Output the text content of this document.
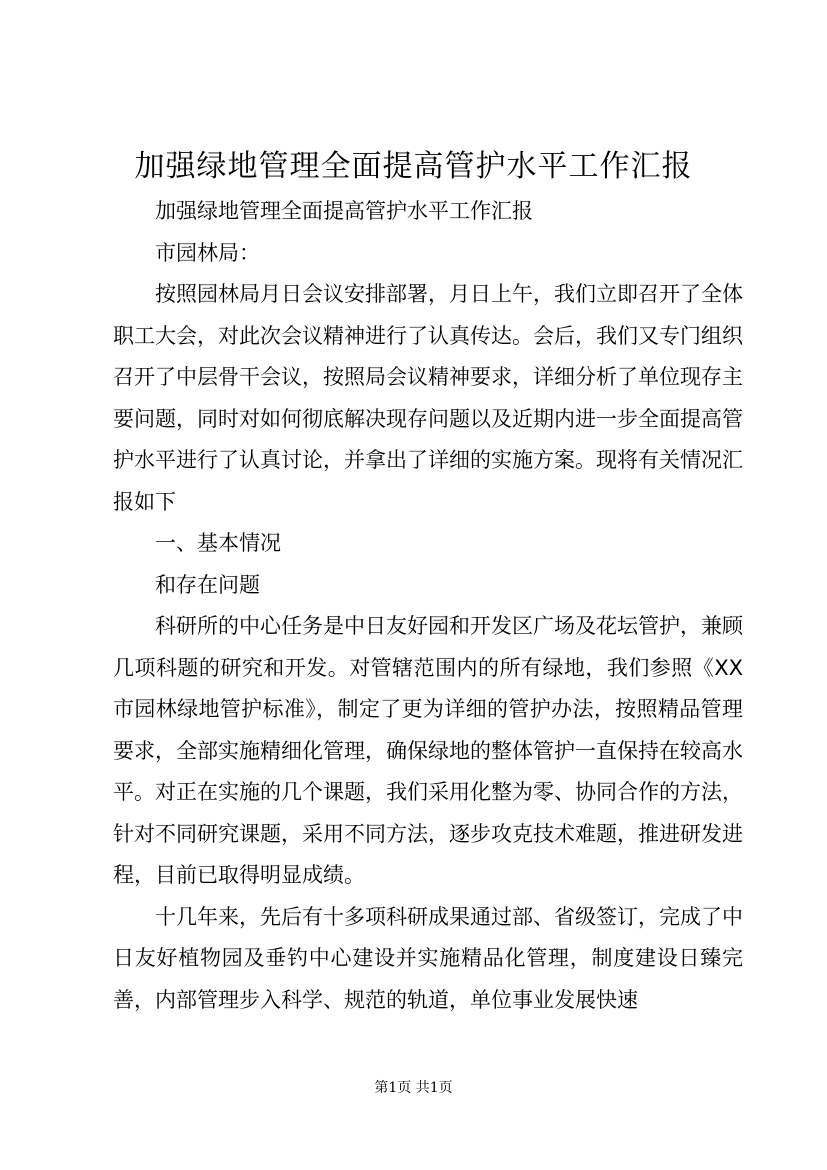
加强绿地管理全面提高管护水平工作汇报

加强绿地管理全面提高管护水平工作汇报

市园林局：

按照园林局月日会议安排部署，月日上午，我们立即召开了全体职工大会，对此次会议精神进行了认真传达。会后，我们又专门组织召开了中层骨干会议，按照局会议精神要求，详细分析了单位现存主要问题，同时对如何彻底解决现存问题以及近期内进一步全面提高管护水平进行了认真讨论，并拿出了详细的实施方案。现将有关情况汇报如下

一、基本情况

和存在问题

科研所的中心任务是中日友好园和开发区广场及花坛管护，兼顾几项科题的研究和开发。对管辖范围内的所有绿地，我们参照《XX市园林绿地管护标准》，制定了更为详细的管护办法，按照精品管理要求，全部实施精细化管理，确保绿地的整体管护一直保持在较高水平。对正在实施的几个课题，我们采用化整为零、协同合作的方法，针对不同研究课题，采用不同方法，逐步攻克技术难题，推进研发进程，目前已取得明显成绩。

十几年来，先后有十多项科研成果通过部、省级签订，完成了中日友好植物园及垂钓中心建设并实施精品化管理，制度建设日臻完善，内部管理步入科学、规范的轨道，单位事业发展快速

第1页 共1页
